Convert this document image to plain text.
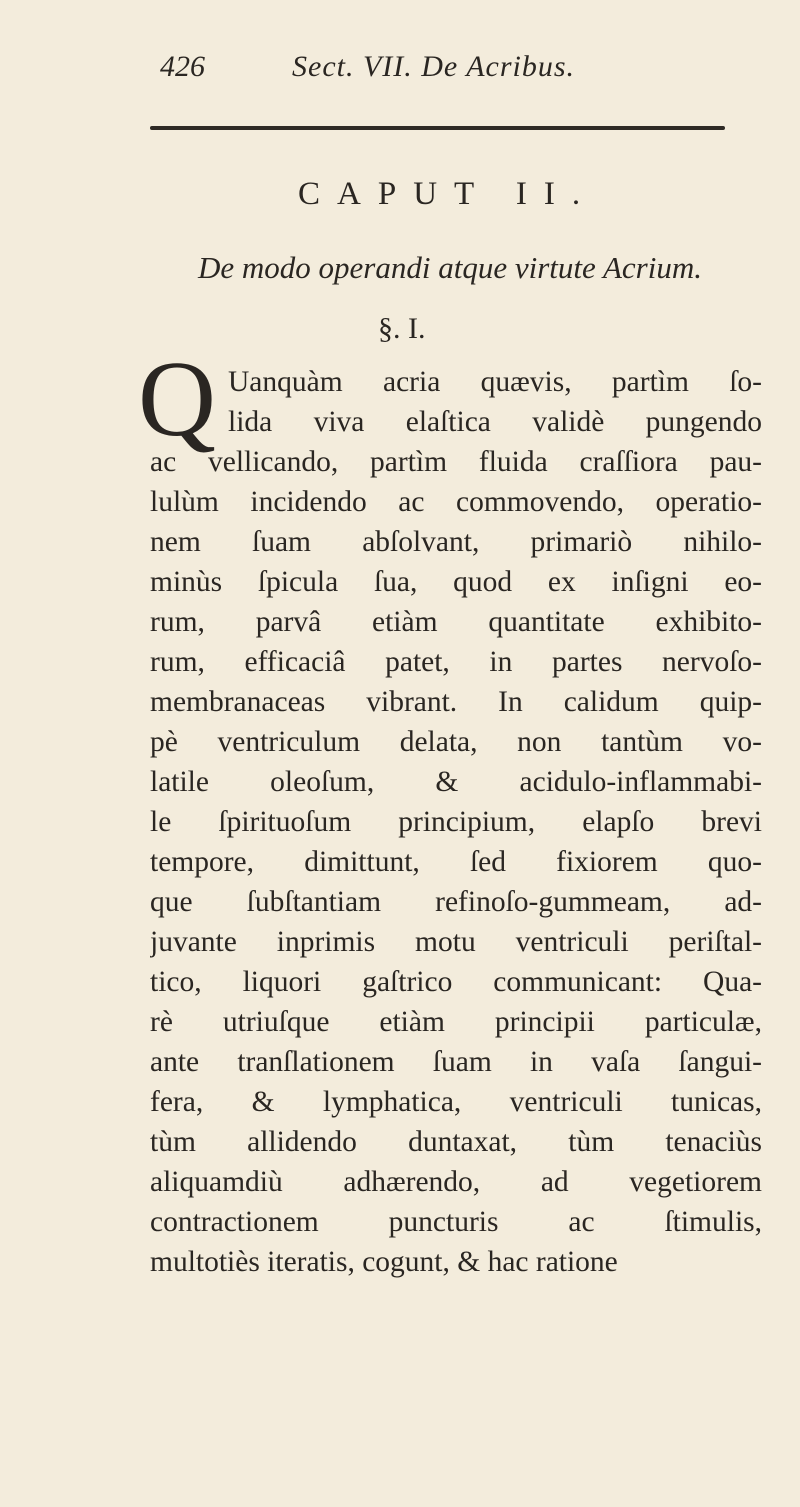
426	Sect. VII. De Acribus.
CAPUT II.
De modo operandi atque virtute Acrium.
§. I.
Q Uanquàm acria quævis, partìm ſo-
lida viva elaſtica validè pungendo
ac vellicando, partìm fluida craſſiora pau-
lulùm incidendo ac commovendo, operatio-
nem ſuam abſolvant, primariò nihilo-
minùs ſpicula ſua, quod ex inſigni eo-
rum, parvâ etiàm quantitate exhibito-
rum, efficaciâ patet, in partes nervoſo-
membranaceas vibrant. In calidum quip-
pè ventriculum delata, non tantùm vo-
latile oleoſum, & acidulo-inflammabi-
le ſpirituoſum principium, elapſo brevi
tempore, dimittunt, ſed fixiorem quo-
que ſubſtantiam refinoſo-gummeam, ad-
juvante inprimis motu ventriculi periſtal-
tico, liquori gaſtrico communicant: Qua-
rè utriuſque etiàm principii particulæ,
ante tranſlationem ſuam in vaſa ſangui-
fera, & lymphatica, ventriculi tunicas,
tùm allidendo duntaxat, tùm tenaciùs
aliquamdiù adhærendo, ad vegetiorem
contractionem puncturis ac ſtimulis,
multotiès iteratis, cogunt, & hac ratione
